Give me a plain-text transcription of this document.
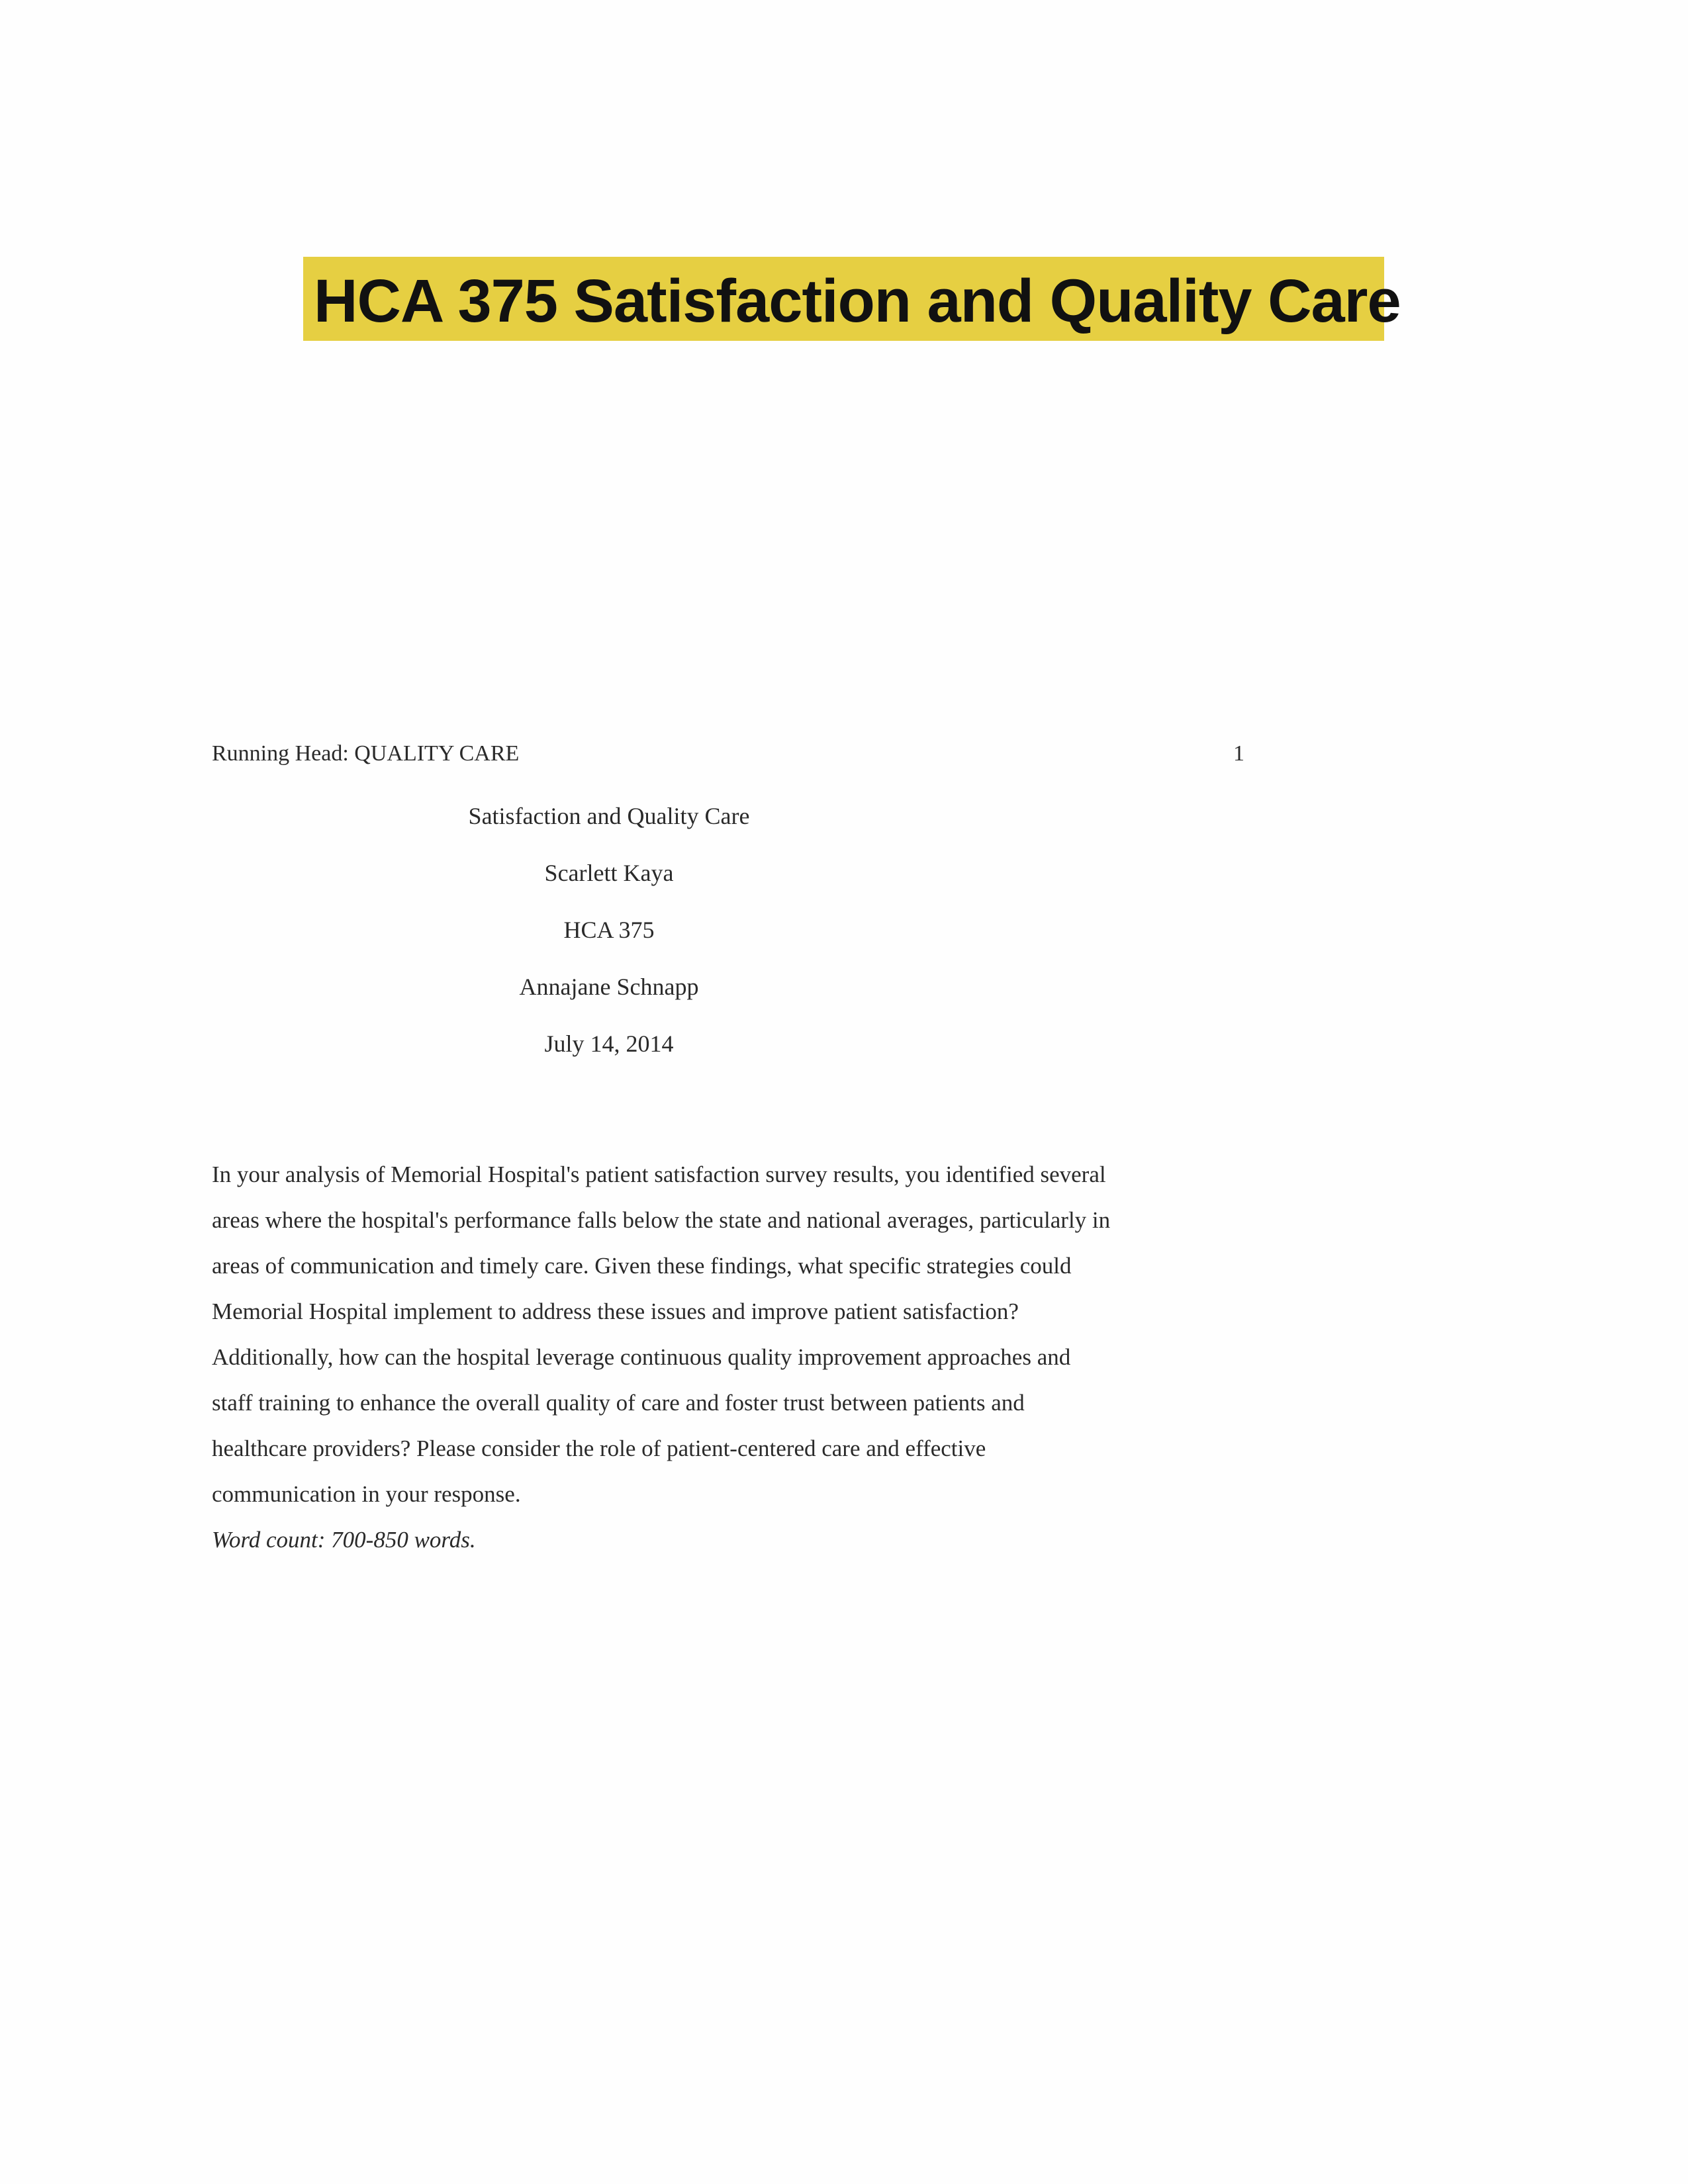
HCA 375 Satisfaction and Quality Care
Running Head: QUALITY CARE	1
Satisfaction and Quality Care
Scarlett Kaya
HCA 375
Annajane Schnapp
July 14, 2014
In your analysis of Memorial Hospital's patient satisfaction survey results, you identified several
areas where the hospital's performance falls below the state and national averages, particularly in
areas of communication and timely care. Given these findings, what specific strategies could
Memorial Hospital implement to address these issues and improve patient satisfaction?
Additionally, how can the hospital leverage continuous quality improvement approaches and
staff training to enhance the overall quality of care and foster trust between patients and
healthcare providers? Please consider the role of patient-centered care and effective
communication in your response.
Word count: 700-850 words.
